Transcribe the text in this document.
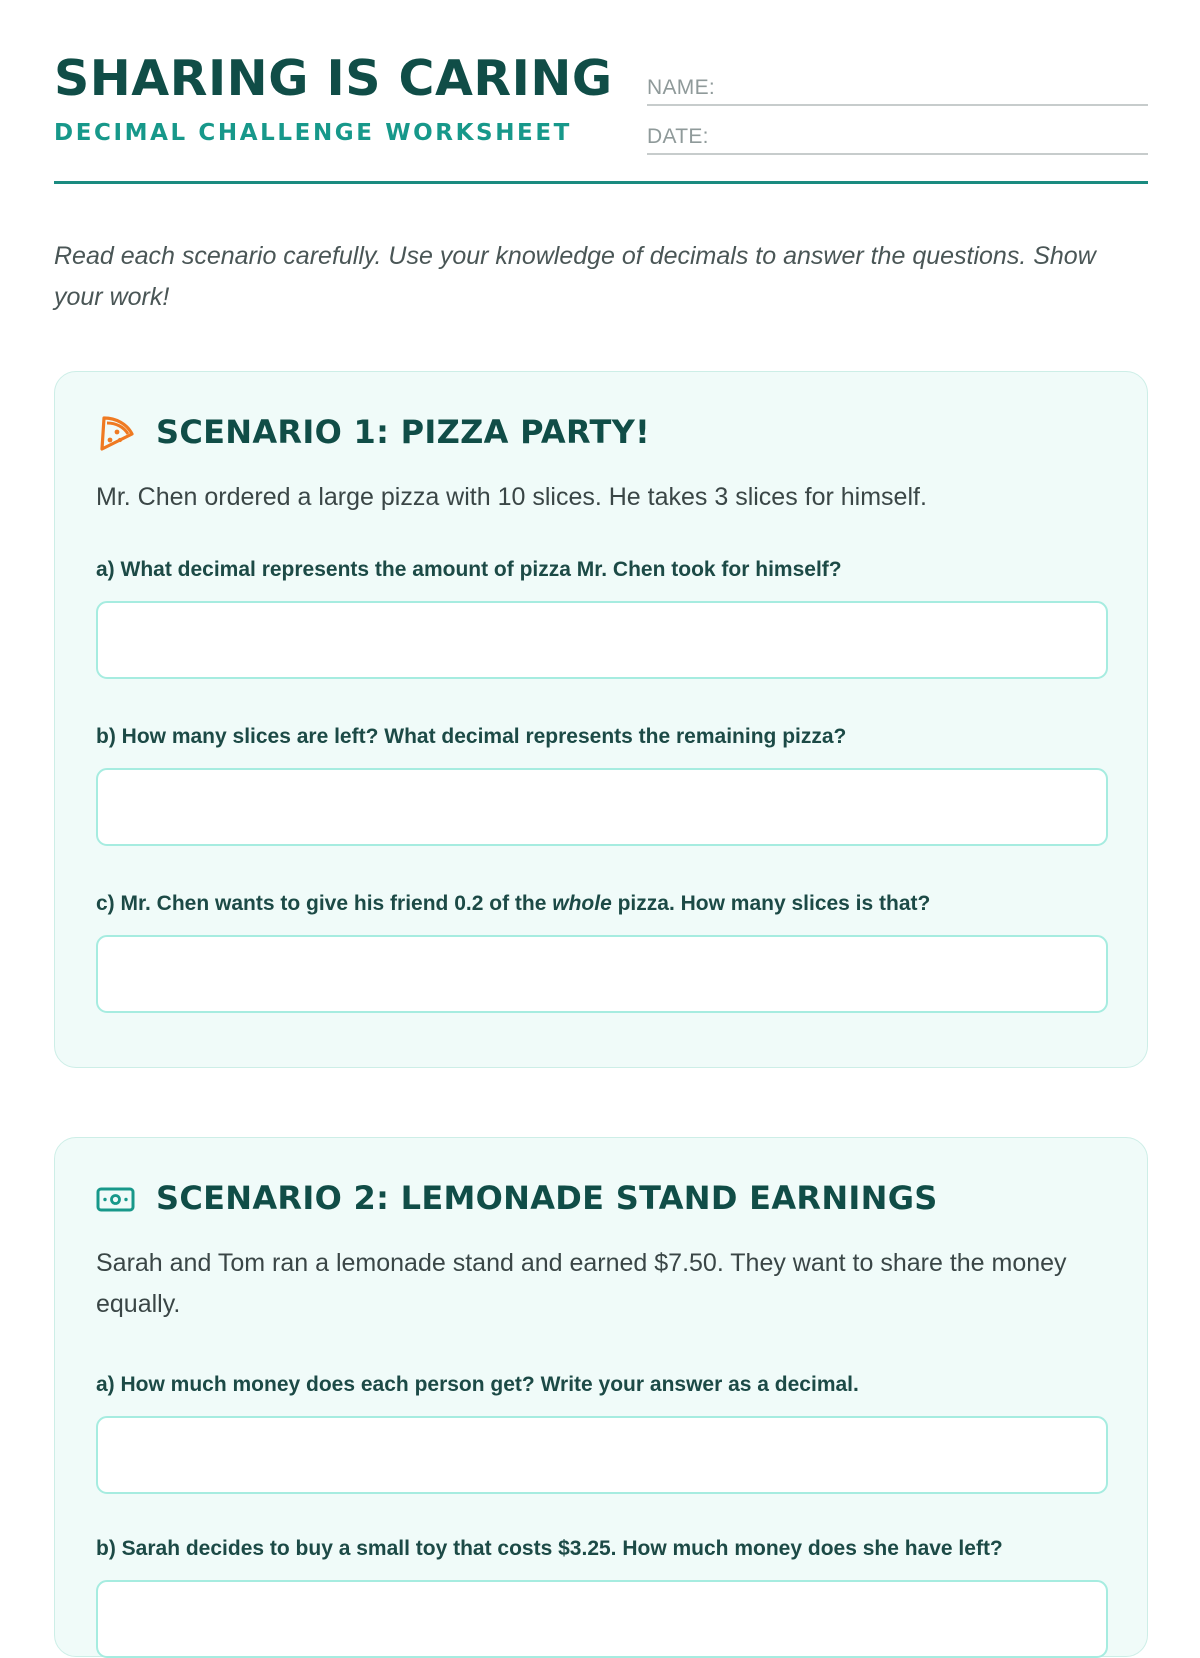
SHARING IS CARING
DECIMAL CHALLENGE WORKSHEET
NAME:
DATE:

Read each scenario carefully. Use your knowledge of decimals to answer the questions. Show your work!

SCENARIO 1: PIZZA PARTY!

Mr. Chen ordered a large pizza with 10 slices. He takes 3 slices for himself.

a) What decimal represents the amount of pizza Mr. Chen took for himself?

b) How many slices are left? What decimal represents the remaining pizza?

c) Mr. Chen wants to give his friend 0.2 of the whole pizza. How many slices is that?

SCENARIO 2: LEMONADE STAND EARNINGS

Sarah and Tom ran a lemonade stand and earned $7.50. They want to share the money equally.

a) How much money does each person get? Write your answer as a decimal.

b) Sarah decides to buy a small toy that costs $3.25. How much money does she have left?
